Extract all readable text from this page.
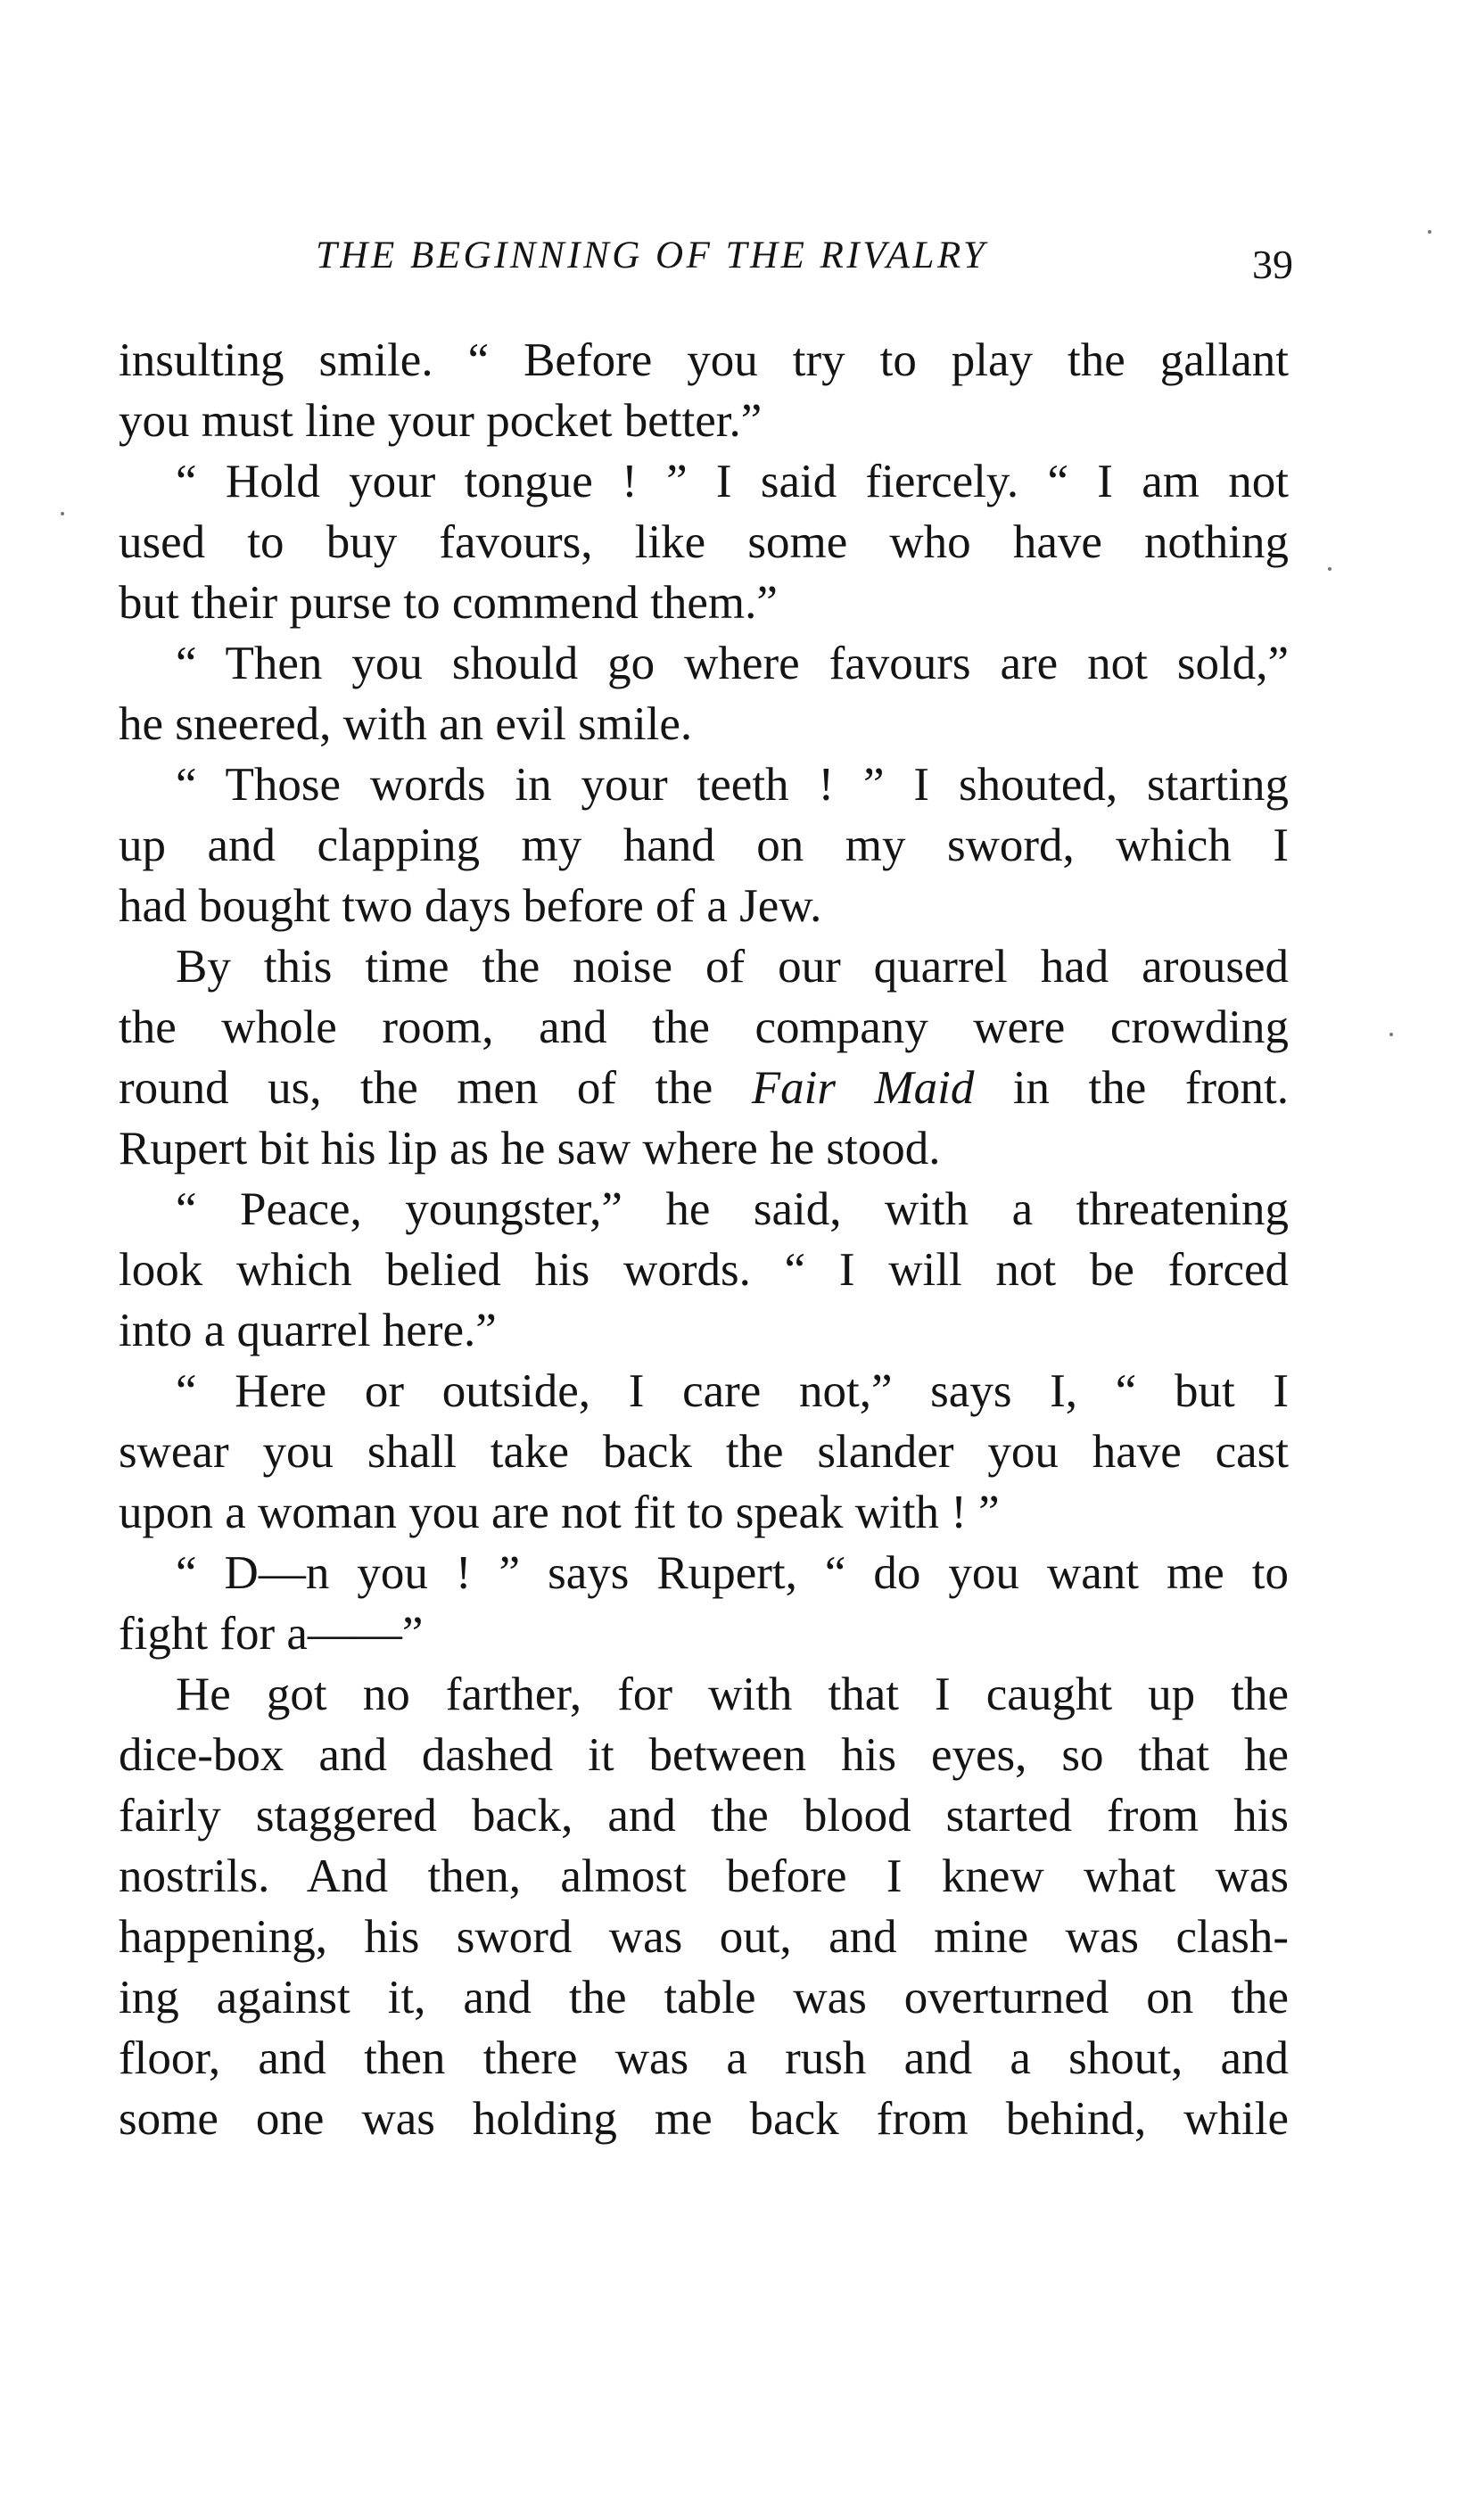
THE BEGINNING OF THE RIVALRY	39
insulting smile. “ Before you try to play the gallant
you must line your pocket better.”
“ Hold your tongue ! ” I said fiercely. “ I am not
used to buy favours, like some who have nothing
but their purse to commend them.”
“ Then you should go where favours are not sold,”
he sneered, with an evil smile.
“ Those words in your teeth ! ” I shouted, starting
up and clapping my hand on my sword, which I
had bought two days before of a Jew.
By this time the noise of our quarrel had aroused
the whole room, and the company were crowding
round us, the men of the Fair Maid in the front.
Rupert bit his lip as he saw where he stood.
“ Peace, youngster,” he said, with a threatening
look which belied his words. “ I will not be forced
into a quarrel here.”
“ Here or outside, I care not,” says I, “ but I
swear you shall take back the slander you have cast
upon a woman you are not fit to speak with ! ”
“ D—n you ! ” says Rupert, “ do you want me to
fight for a——”
He got no farther, for with that I caught up the
dice-box and dashed it between his eyes, so that he
fairly staggered back, and the blood started from his
nostrils. And then, almost before I knew what was
happening, his sword was out, and mine was clash-
ing against it, and the table was overturned on the
floor, and then there was a rush and a shout, and
some one was holding me back from behind, while
